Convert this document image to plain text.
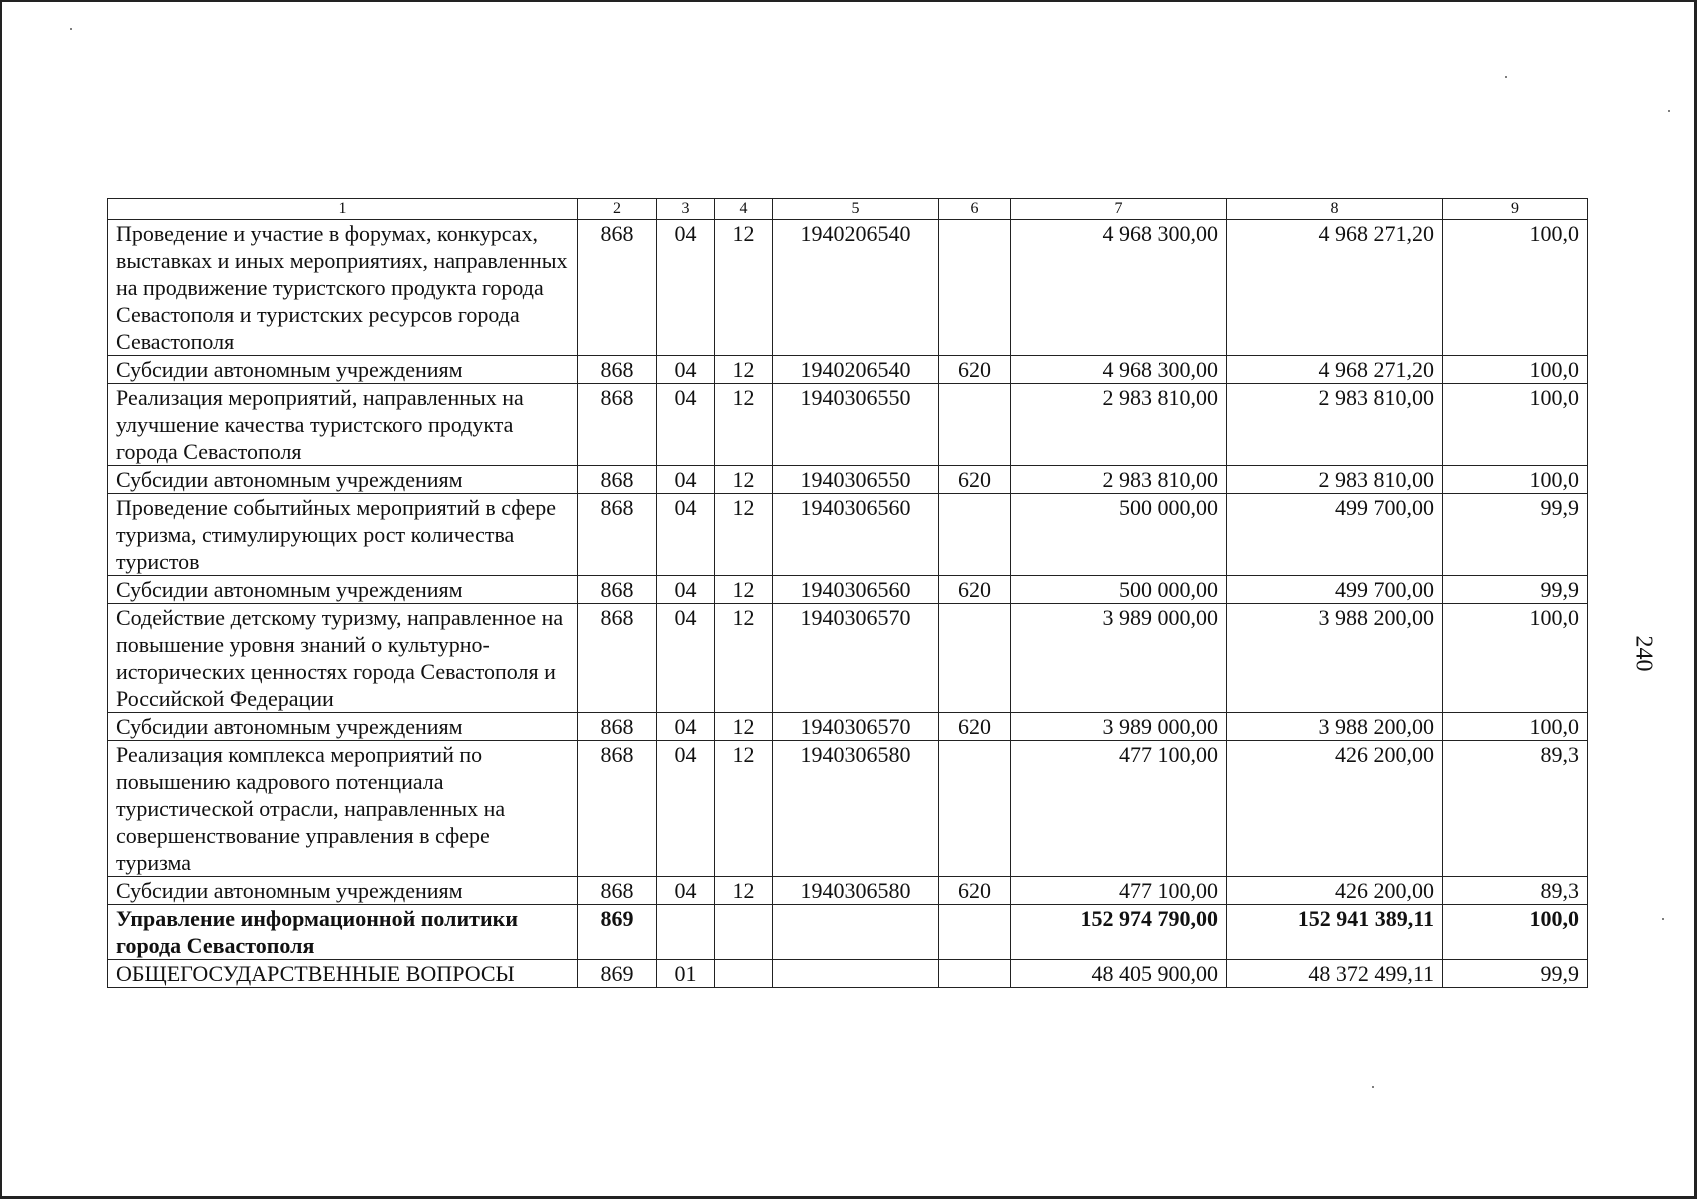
240
1	2	3	4	5	6	7	8	9
Проведение и участие в форумах, конкурсах, выставках и иных мероприятиях, направленных на продвижение туристского продукта города Севастополя и туристских ресурсов города Севастополя	868	04	12	1940206540		4 968 300,00	4 968 271,20	100,0
Субсидии автономным учреждениям	868	04	12	1940206540	620	4 968 300,00	4 968 271,20	100,0
Реализация мероприятий, направленных на улучшение качества туристского продукта города Севастополя	868	04	12	1940306550		2 983 810,00	2 983 810,00	100,0
Субсидии автономным учреждениям	868	04	12	1940306550	620	2 983 810,00	2 983 810,00	100,0
Проведение событийных мероприятий в сфере туризма, стимулирующих рост количества туристов	868	04	12	1940306560		500 000,00	499 700,00	99,9
Субсидии автономным учреждениям	868	04	12	1940306560	620	500 000,00	499 700,00	99,9
Содействие детскому туризму, направленное на повышение уровня знаний о культурно-исторических ценностях города Севастополя и Российской Федерации	868	04	12	1940306570		3 989 000,00	3 988 200,00	100,0
Субсидии автономным учреждениям	868	04	12	1940306570	620	3 989 000,00	3 988 200,00	100,0
Реализация комплекса мероприятий по повышению кадрового потенциала туристической отрасли, направленных на совершенствование управления в сфере туризма	868	04	12	1940306580		477 100,00	426 200,00	89,3
Субсидии автономным учреждениям	868	04	12	1940306580	620	477 100,00	426 200,00	89,3
Управление информационной политики города Севастополя	869					152 974 790,00	152 941 389,11	100,0
ОБЩЕГОСУДАРСТВЕННЫЕ ВОПРОСЫ	869	01				48 405 900,00	48 372 499,11	99,9
